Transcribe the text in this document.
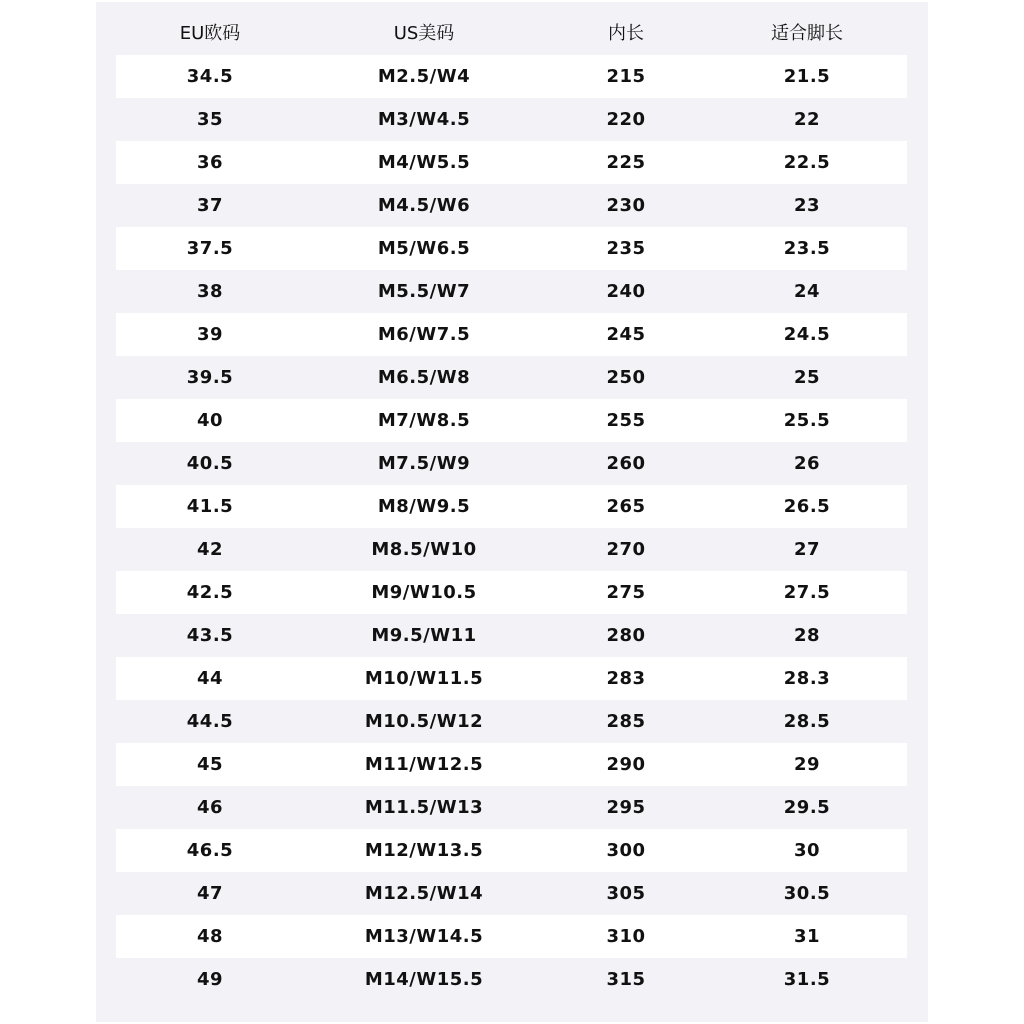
EU欧码	US美码	内长	适合脚长
34.5	M2.5/W4	215	21.5
35	M3/W4.5	220	22
36	M4/W5.5	225	22.5
37	M4.5/W6	230	23
37.5	M5/W6.5	235	23.5
38	M5.5/W7	240	24
39	M6/W7.5	245	24.5
39.5	M6.5/W8	250	25
40	M7/W8.5	255	25.5
40.5	M7.5/W9	260	26
41.5	M8/W9.5	265	26.5
42	M8.5/W10	270	27
42.5	M9/W10.5	275	27.5
43.5	M9.5/W11	280	28
44	M10/W11.5	283	28.3
44.5	M10.5/W12	285	28.5
45	M11/W12.5	290	29
46	M11.5/W13	295	29.5
46.5	M12/W13.5	300	30
47	M12.5/W14	305	30.5
48	M13/W14.5	310	31
49	M14/W15.5	315	31.5
